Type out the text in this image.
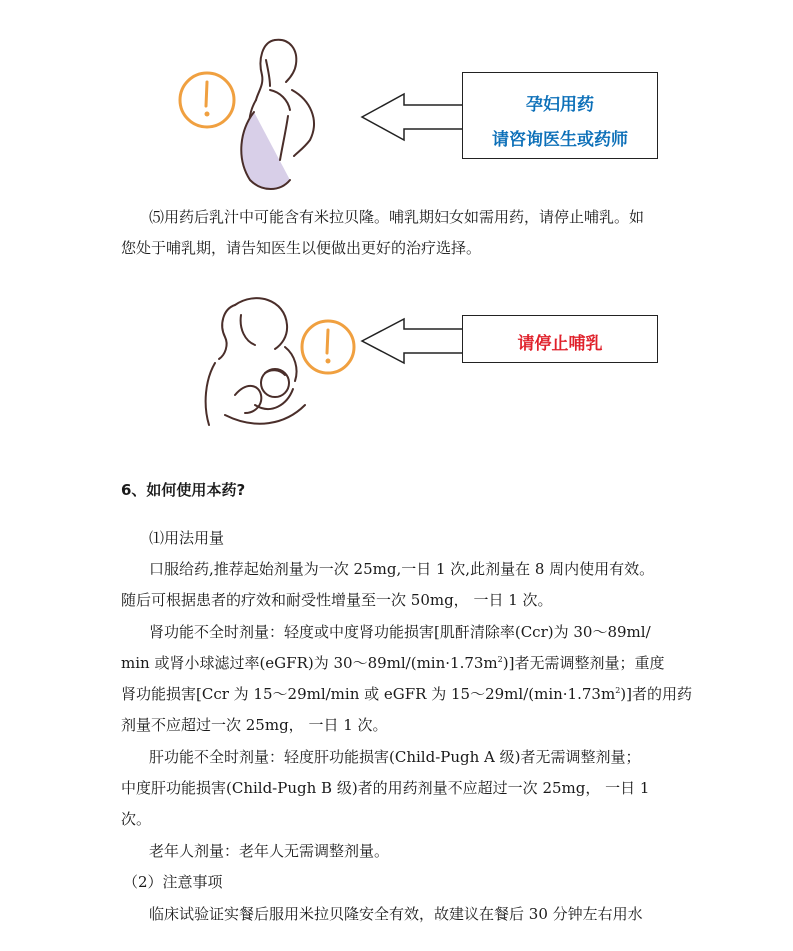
孕妇用药
请咨询医生或药师
⑸用药后乳汁中可能含有米拉贝隆。哺乳期妇女如需用药，请停止哺乳。如
您处于哺乳期，请告知医生以便做出更好的治疗选择。
请停止哺乳
6、如何使用本药?
⑴用法用量
口服给药,推荐起始剂量为一次 25mg,一日 1 次,此剂量在 8 周内使用有效。
随后可根据患者的疗效和耐受性增量至一次 50mg， 一日 1 次。
肾功能不全时剂量：轻度或中度肾功能损害[肌酐清除率(Ccr)为 30～89ml/
min 或肾小球滤过率(eGFR)为 $30\sim 89ml/(\min\cdot 1.73m^2)$]者无需调整剂量；重度
肾功能损害[Ccr 为 15～29ml/min 或 eGFR 为 $15\sim 29ml/(\min\cdot 1.73m^2)$]者的用药
剂量不应超过一次 25mg， 一日 1 次。
肝功能不全时剂量：轻度肝功能损害(Child-Pugh A 级)者无需调整剂量；
中度肝功能损害(Child-Pugh B 级)者的用药剂量不应超过一次 25mg， 一日 1
次。
老年人剂量：老年人无需调整剂量。
（2）注意事项
临床试验证实餐后服用米拉贝隆安全有效，故建议在餐后 30 分钟左右用水
